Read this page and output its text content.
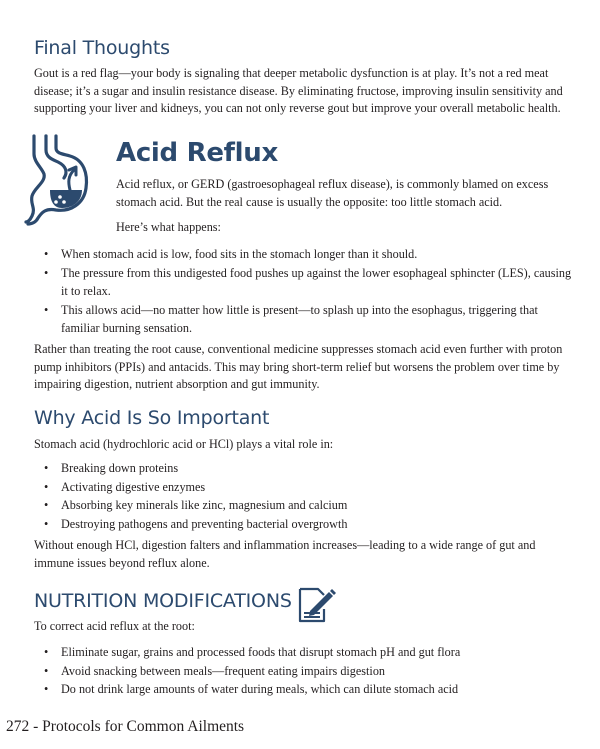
Final Thoughts

Gout is a red flag—your body is signaling that deeper metabolic dysfunction is at play. It’s not a red meat disease; it’s a sugar and insulin resistance disease. By eliminating fructose, improving insulin sensitivity and supporting your liver and kidneys, you can not only reverse gout but improve your overall metabolic health.

Acid Reflux

Acid reflux, or GERD (gastroesophageal reflux disease), is commonly blamed on excess stomach acid. But the real cause is usually the opposite: too little stomach acid.

Here’s what happens:

• When stomach acid is low, food sits in the stomach longer than it should.
• The pressure from this undigested food pushes up against the lower esophageal sphincter (LES), causing it to relax.
• This allows acid—no matter how little is present—to splash up into the esophagus, triggering that familiar burning sensation.

Rather than treating the root cause, conventional medicine suppresses stomach acid even further with proton pump inhibitors (PPIs) and antacids. This may bring short-term relief but worsens the problem over time by impairing digestion, nutrient absorption and gut immunity.

Why Acid Is So Important

Stomach acid (hydrochloric acid or HCl) plays a vital role in:

• Breaking down proteins
• Activating digestive enzymes
• Absorbing key minerals like zinc, magnesium and calcium
• Destroying pathogens and preventing bacterial overgrowth

Without enough HCl, digestion falters and inflammation increases—leading to a wide range of gut and immune issues beyond reflux alone.

NUTRITION MODIFICATIONS

To correct acid reflux at the root:

• Eliminate sugar, grains and processed foods that disrupt stomach pH and gut flora
• Avoid snacking between meals—frequent eating impairs digestion
• Do not drink large amounts of water during meals, which can dilute stomach acid

272 - Protocols for Common Ailments
